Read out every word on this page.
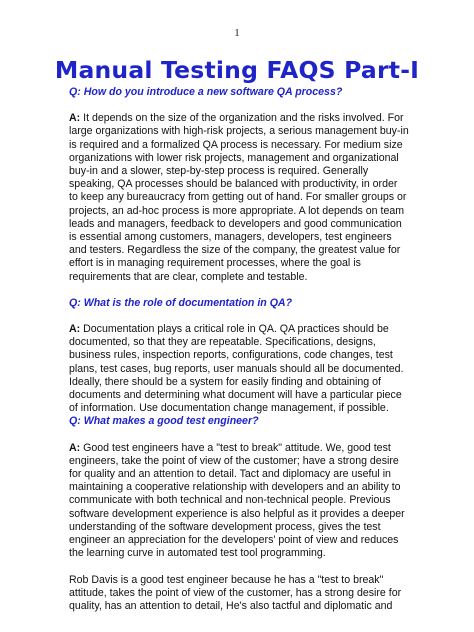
1
Manual Testing FAQS Part-I

Q: How do you introduce a new software QA process?

A: It depends on the size of the organization and the risks involved. For large organizations with high-risk projects, a serious management buy-in is required and a formalized QA process is necessary. For medium size organizations with lower risk projects, management and organizational buy-in and a slower, step-by-step process is required. Generally speaking, QA processes should be balanced with productivity, in order to keep any bureaucracy from getting out of hand. For smaller groups or projects, an ad-hoc process is more appropriate. A lot depends on team leads and managers, feedback to developers and good communication is essential among customers, managers, developers, test engineers and testers. Regardless the size of the company, the greatest value for effort is in managing requirement processes, where the goal is requirements that are clear, complete and testable.

Q: What is the role of documentation in QA?

A: Documentation plays a critical role in QA. QA practices should be documented, so that they are repeatable. Specifications, designs, business rules, inspection reports, configurations, code changes, test plans, test cases, bug reports, user manuals should all be documented. Ideally, there should be a system for easily finding and obtaining of documents and determining what document will have a particular piece of information. Use documentation change management, if possible.

Q: What makes a good test engineer?

A: Good test engineers have a "test to break" attitude. We, good test engineers, take the point of view of the customer; have a strong desire for quality and an attention to detail. Tact and diplomacy are useful in maintaining a cooperative relationship with developers and an ability to communicate with both technical and non-technical people. Previous software development experience is also helpful as it provides a deeper understanding of the software development process, gives the test engineer an appreciation for the developers' point of view and reduces the learning curve in automated test tool programming.

Rob Davis is a good test engineer because he has a "test to break" attitude, takes the point of view of the customer, has a strong desire for quality, has an attention to detail, He's also tactful and diplomatic and
